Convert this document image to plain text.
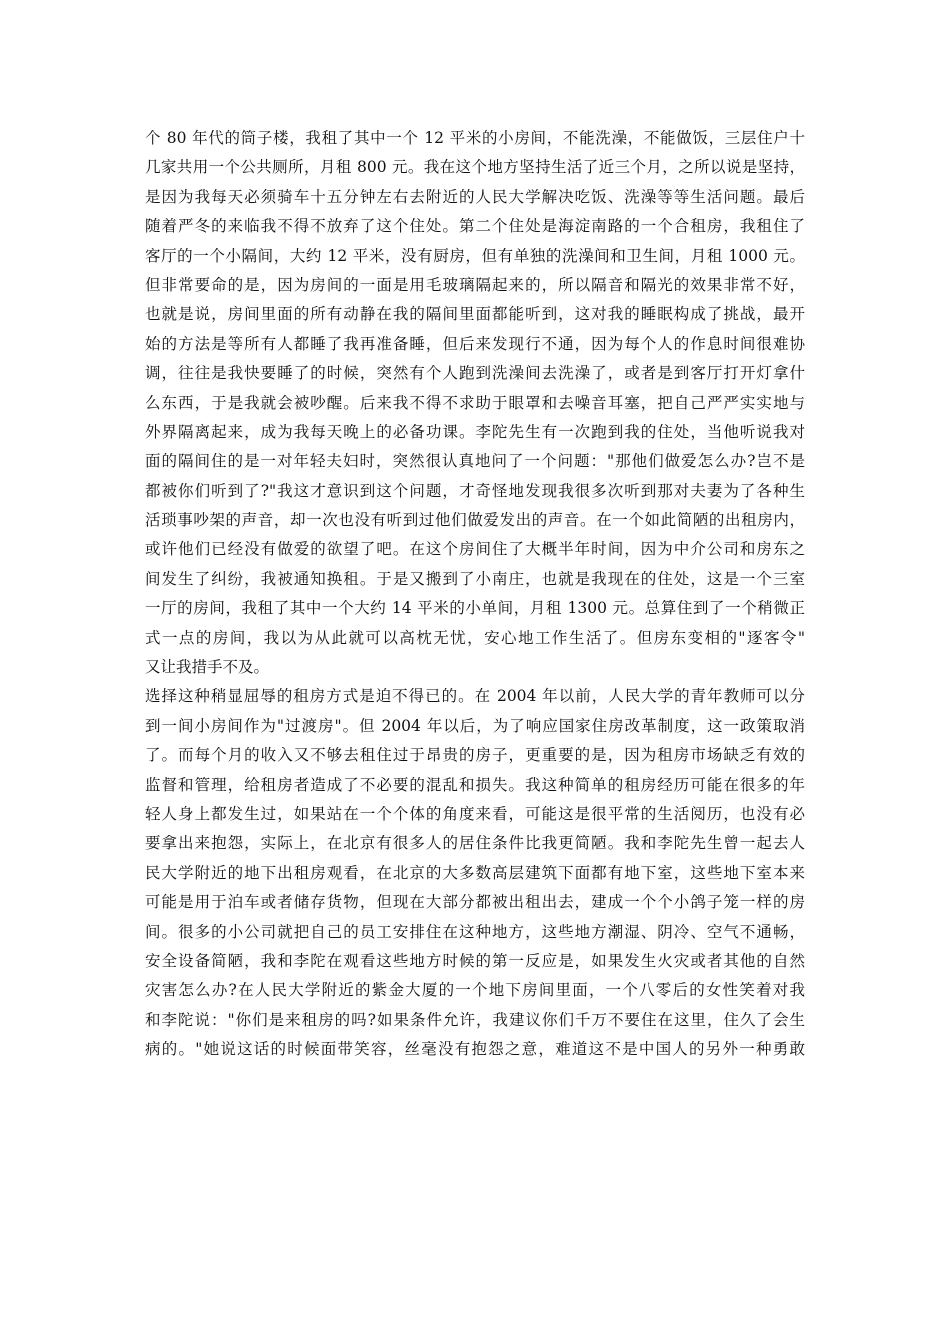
个 80 年代的筒子楼，我租了其中一个 12 平米的小房间，不能洗澡，不能做饭，三层住户十
几家共用一个公共厕所，月租 800 元。我在这个地方坚持生活了近三个月，之所以说是坚持，
是因为我每天必须骑车十五分钟左右去附近的人民大学解决吃饭、洗澡等等生活问题。最后
随着严冬的来临我不得不放弃了这个住处。第二个住处是海淀南路的一个合租房，我租住了
客厅的一个小隔间，大约 12 平米，没有厨房，但有单独的洗澡间和卫生间，月租 1000 元。
但非常要命的是，因为房间的一面是用毛玻璃隔起来的，所以隔音和隔光的效果非常不好，
也就是说，房间里面的所有动静在我的隔间里面都能听到，这对我的睡眠构成了挑战，最开
始的方法是等所有人都睡了我再准备睡，但后来发现行不通，因为每个人的作息时间很难协
调，往往是我快要睡了的时候，突然有个人跑到洗澡间去洗澡了，或者是到客厅打开灯拿什
么东西，于是我就会被吵醒。后来我不得不求助于眼罩和去噪音耳塞，把自己严严实实地与
外界隔离起来，成为我每天晚上的必备功课。李陀先生有一次跑到我的住处，当他听说我对
面的隔间住的是一对年轻夫妇时，突然很认真地问了一个问题："那他们做爱怎么办?岂不是
都被你们听到了?"我这才意识到这个问题，才奇怪地发现我很多次听到那对夫妻为了各种生
活琐事吵架的声音，却一次也没有听到过他们做爱发出的声音。在一个如此简陋的出租房内，
或许他们已经没有做爱的欲望了吧。在这个房间住了大概半年时间，因为中介公司和房东之
间发生了纠纷，我被通知换租。于是又搬到了小南庄，也就是我现在的住处，这是一个三室
一厅的房间，我租了其中一个大约 14 平米的小单间，月租 1300 元。总算住到了一个稍微正
式一点的房间，我以为从此就可以高枕无忧，安心地工作生活了。但房东变相的"逐客令"
又让我措手不及。
选择这种稍显屈辱的租房方式是迫不得已的。在 2004 年以前，人民大学的青年教师可以分
到一间小房间作为"过渡房"。但 2004 年以后，为了响应国家住房改革制度，这一政策取消
了。而每个月的收入又不够去租住过于昂贵的房子，更重要的是，因为租房市场缺乏有效的
监督和管理，给租房者造成了不必要的混乱和损失。我这种简单的租房经历可能在很多的年
轻人身上都发生过，如果站在一个个体的角度来看，可能这是很平常的生活阅历，也没有必
要拿出来抱怨，实际上，在北京有很多人的居住条件比我更简陋。我和李陀先生曾一起去人
民大学附近的地下出租房观看，在北京的大多数高层建筑下面都有地下室，这些地下室本来
可能是用于泊车或者储存货物，但现在大部分都被出租出去，建成一个个小鸽子笼一样的房
间。很多的小公司就把自己的员工安排住在这种地方，这些地方潮湿、阴冷、空气不通畅，
安全设备简陋，我和李陀在观看这些地方时候的第一反应是，如果发生火灾或者其他的自然
灾害怎么办?在人民大学附近的紫金大厦的一个地下房间里面，一个八零后的女性笑着对我
和李陀说："你们是来租房的吗?如果条件允许，我建议你们千万不要住在这里，住久了会生
病的。"她说这话的时候面带笑容，丝毫没有抱怨之意，难道这不是中国人的另外一种勇敢
